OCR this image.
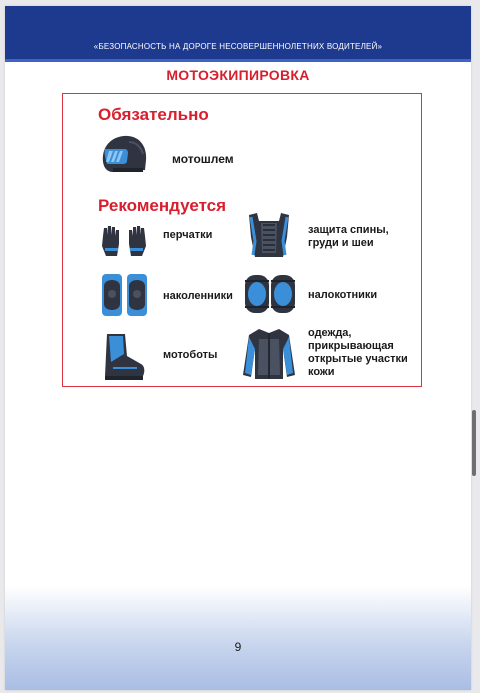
«БЕЗОПАСНОСТЬ НА ДОРОГЕ НЕСОВЕРШЕННОЛЕТНИХ ВОДИТЕЛЕЙ»
МОТОЭКИПИРОВКА
Обязательно
мотошлем
Рекомендуется
перчатки	защита спины, груди и шеи
наколенники	налокотники
мотоботы
одежда, прикрывающая открытые участки кожи
9
